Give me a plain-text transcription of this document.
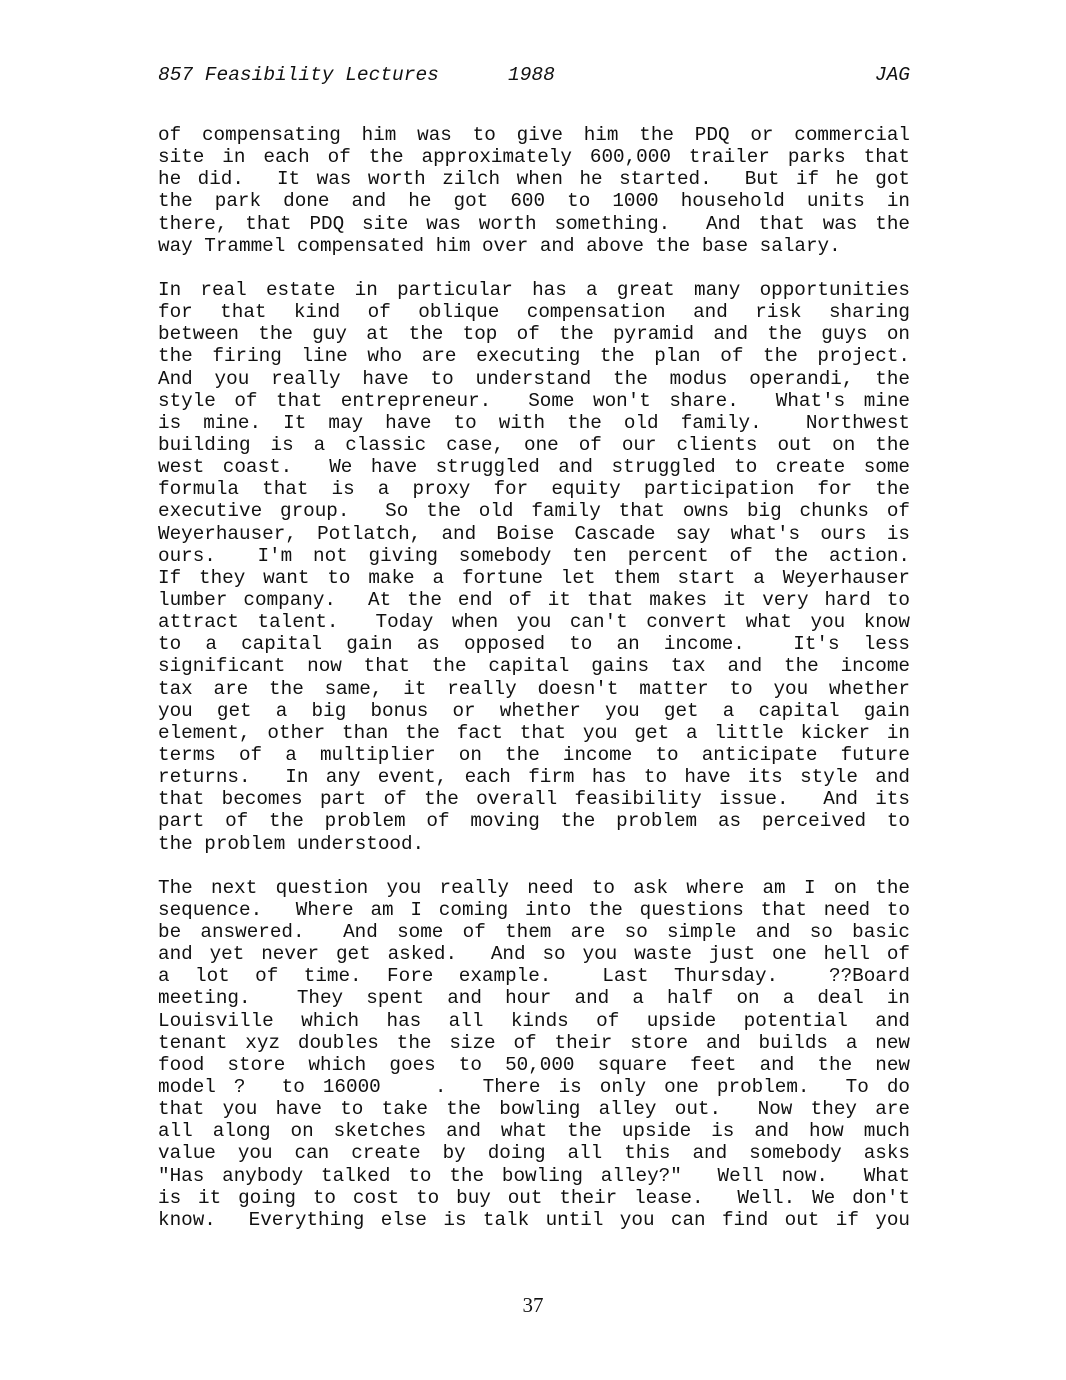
857 Feasibility Lectures	1988	JAG
of compensating him was to give him the PDQ or commercial
site in each of the approximately 600,000 trailer parks that
he did.  It was worth zilch when he started.  But if he got
the park done and he got 600 to 1000 household units in
there, that PDQ site was worth something.  And that was the
way Trammel compensated him over and above the base salary.
In real estate in particular has a great many opportunities
for that kind of oblique compensation and risk sharing
between the guy at the top of the pyramid and the guys on
the firing line who are executing the plan of the project.
And you really have to understand the modus operandi, the
style of that entrepreneur.  Some won't share.  What's mine
is mine. It may have to with the old family.  Northwest
building is a classic case, one of our clients out on the
west coast.  We have struggled and struggled to create some
formula that is a proxy for equity participation for the
executive group.  So the old family that owns big chunks of
Weyerhauser, Potlatch, and Boise Cascade say what's ours is
ours.  I'm not giving somebody ten percent of the action.
If they want to make a fortune let them start a Weyerhauser
lumber company.  At the end of it that makes it very hard to
attract talent.  Today when you can't convert what you know
to a capital gain as opposed to an income.  It's less
significant now that the capital gains tax and the income
tax are the same, it really doesn't matter to you whether
you get a big bonus or whether you get a capital gain
element, other than the fact that you get a little kicker in
terms of a multiplier on the income to anticipate future
returns.  In any event, each firm has to have its style and
that becomes part of the overall feasibility issue.  And its
part of the problem of moving the problem as perceived to
the problem understood.
The next question you really need to ask where am I on the
sequence.  Where am I coming into the questions that need to
be answered.  And some of them are so simple and so basic
and yet never get asked.  And so you waste just one hell of
a lot of time. Fore example.  Last Thursday.  ??Board
meeting.  They spent and hour and a half on a deal in
Louisville which has all kinds of upside potential and
tenant xyz doubles the size of their store and builds a new
food store which goes to 50,000 square feet and the new
model ?  to 16000   .  There is only one problem.  To do
that you have to take the bowling alley out.  Now they are
all along on sketches and what the upside is and how much
value you can create by doing all this and somebody asks
"Has anybody talked to the bowling alley?"  Well now.  What
is it going to cost to buy out their lease.  Well. We don't
know.  Everything else is talk until you can find out if you
37
